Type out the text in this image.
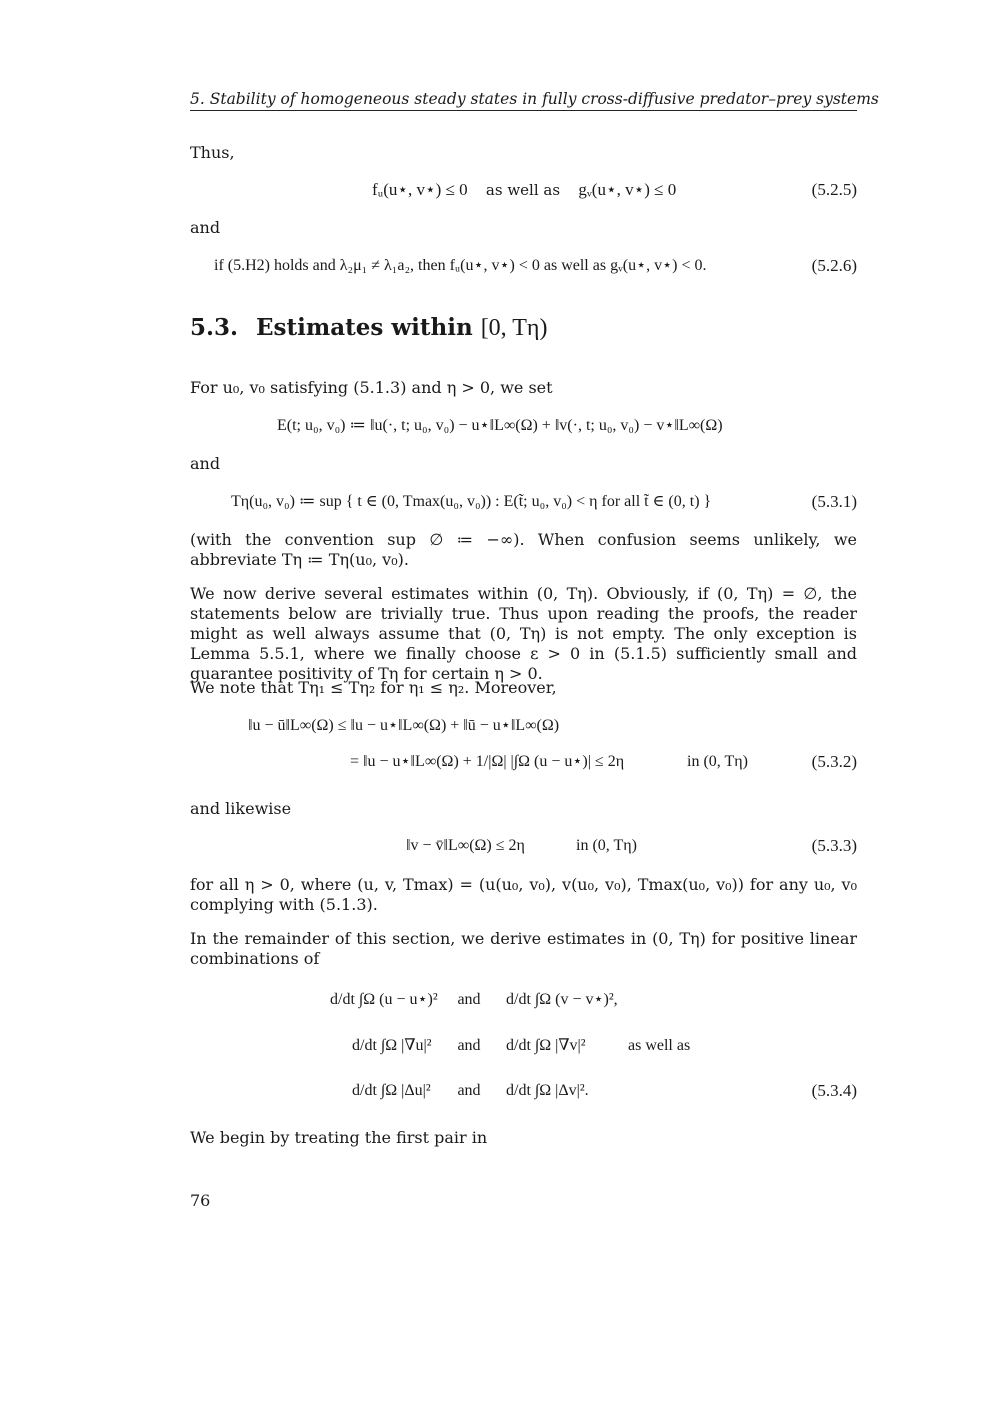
5. Stability of homogeneous steady states in fully cross-diffusive predator–prey systems
Thus,
fᵤ(u⋆, v⋆) ≤ 0 as well as gᵥ(u⋆, v⋆) ≤ 0	(5.2.5)
and
if (5.H2) holds and λ₂μ₁ ≠ λ₁a₂, then fᵤ(u⋆, v⋆) < 0 as well as gᵥ(u⋆, v⋆) < 0.	(5.2.6)
5.3. Estimates within [0, Tη)
For u₀, v₀ satisfying (5.1.3) and η > 0, we set
E(t; u₀, v₀) ≔ ‖u(·, t; u₀, v₀) − u⋆‖L∞(Ω) + ‖v(·, t; u₀, v₀) − v⋆‖L∞(Ω)
and
Tη(u₀, v₀) ≔ sup { t ∈ (0, Tmax(u₀, v₀)) : E(t̃; u₀, v₀) < η for all t̃ ∈ (0, t) }	(5.3.1)
(with the convention sup ∅ ≔ −∞). When confusion seems unlikely, we abbreviate Tη ≔ Tη(u₀, v₀).
We now derive several estimates within (0, Tη). Obviously, if (0, Tη) = ∅, the statements below are trivially true. Thus upon reading the proofs, the reader might as well always assume that (0, Tη) is not empty. The only exception is Lemma 5.5.1, where we finally choose ε > 0 in (5.1.5) sufficiently small and guarantee positivity of Tη for certain η > 0.
We note that Tη₁ ≤ Tη₂ for η₁ ≤ η₂. Moreover,
‖u − ū‖L∞(Ω) ≤ ‖u − u⋆‖L∞(Ω) + ‖ū − u⋆‖L∞(Ω)
= ‖u − u⋆‖L∞(Ω) + 1/|Ω| |∫Ω (u − u⋆)| ≤ 2η	in (0, Tη)	(5.3.2)
and likewise
‖v − v̄‖L∞(Ω) ≤ 2η	in (0, Tη)	(5.3.3)
for all η > 0, where (u, v, Tmax) = (u(u₀, v₀), v(u₀, v₀), Tmax(u₀, v₀)) for any u₀, v₀ complying with (5.1.3).
In the remainder of this section, we derive estimates in (0, Tη) for positive linear combinations of
d/dt ∫Ω (u − u⋆)² and d/dt ∫Ω (v − v⋆)²,
d/dt ∫Ω |∇u|² and d/dt ∫Ω |∇v|²	as well as
d/dt ∫Ω |Δu|² and d/dt ∫Ω |Δv|².	(5.3.4)
We begin by treating the first pair in
76
